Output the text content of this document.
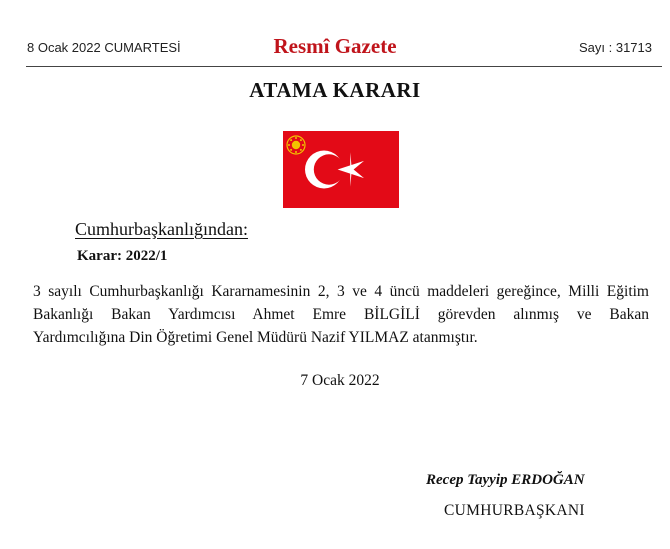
8 Ocak 2022 CUMARTESİ	Resmî Gazete	Sayı : 31713
ATAMA KARARI
Cumhurbaşkanlığından:
Karar: 2022/1
3 sayılı Cumhurbaşkanlığı Kararnamesinin 2, 3 ve 4 üncü maddeleri gereğince, Milli Eğitim
Bakanlığı Bakan Yardımcısı Ahmet Emre BİLGİLİ görevden alınmış ve Bakan
Yardımcılığına Din Öğretimi Genel Müdürü Nazif YILMAZ atanmıştır.
7 Ocak 2022
Recep Tayyip ERDOĞAN
CUMHURBAŞKANI
